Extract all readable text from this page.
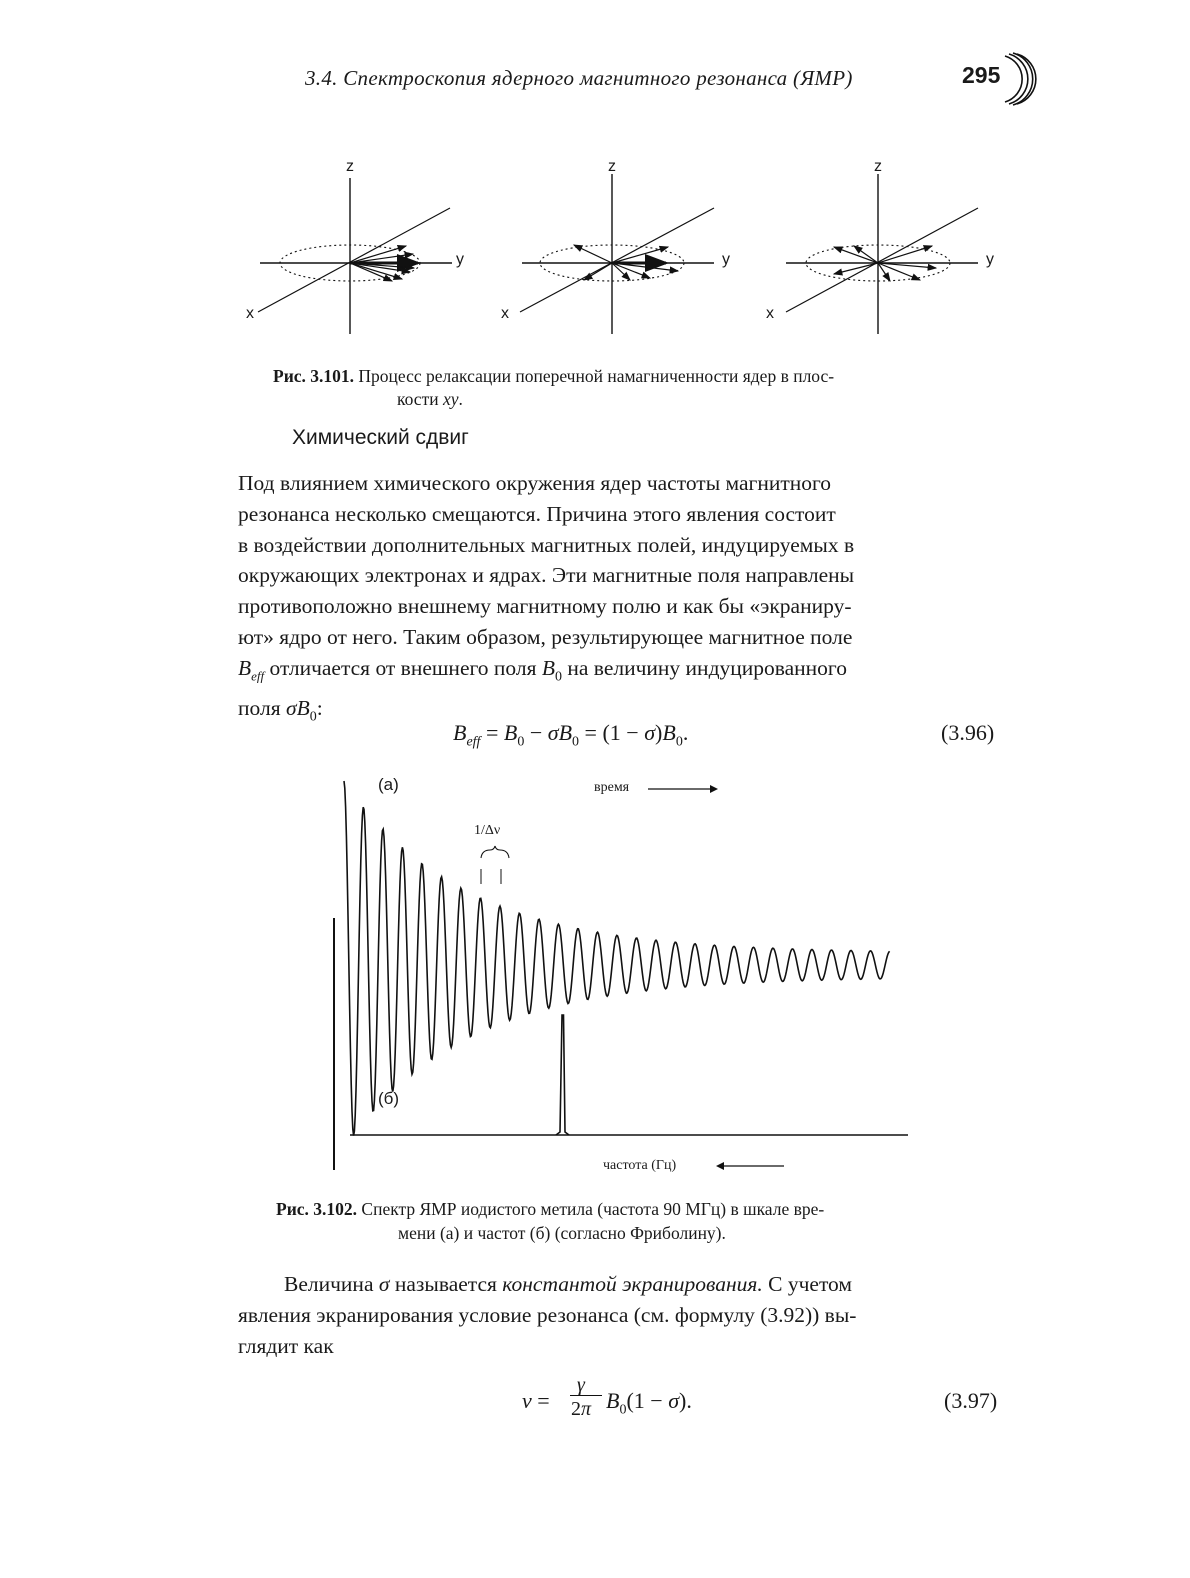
3.4. Спектроскопия ядерного магнитного резонанса (ЯМР)	295
z
y
x
z
y
x
z
y
x
Рис. 3.101. Процесс релаксации поперечной намагниченности ядер в плос-
кости xy.
Химический сдвиг

Под влиянием химического окружения ядер частоты магнитного

резонанса несколько смещаются. Причина этого явления состоит

в воздействии дополнительных магнитных полей, индуцируемых в

окружающих электронах и ядрах. Эти магнитные поля направлены

противоположно внешнему магнитному полю и как бы «экраниру-

ют» ядро от него. Таким образом, результирующее магнитное поле

$B_{eff}$ отличается от внешнего поля $B_0$ на величину индуцированного

поля $\sigma B_0$:

$B_{eff} = B_0 - \sigma B_0 = (1 - \sigma)B_0$.	(3.96)
(a)
(б)
время
1/Δν
частота (Гц)
Рис. 3.102. Спектр ЯМР иодистого метила (частота 90 МГц) в шкале вре-
мени (а) и частот (б) (согласно Фриболину).
Величина σ называется константой экранирования. С учетом
явления экранирования условие резонанса (см. формулу (3.92)) вы-
глядит как
ν =
γ
2π $B_0(1 - \sigma)$.	(3.97)
